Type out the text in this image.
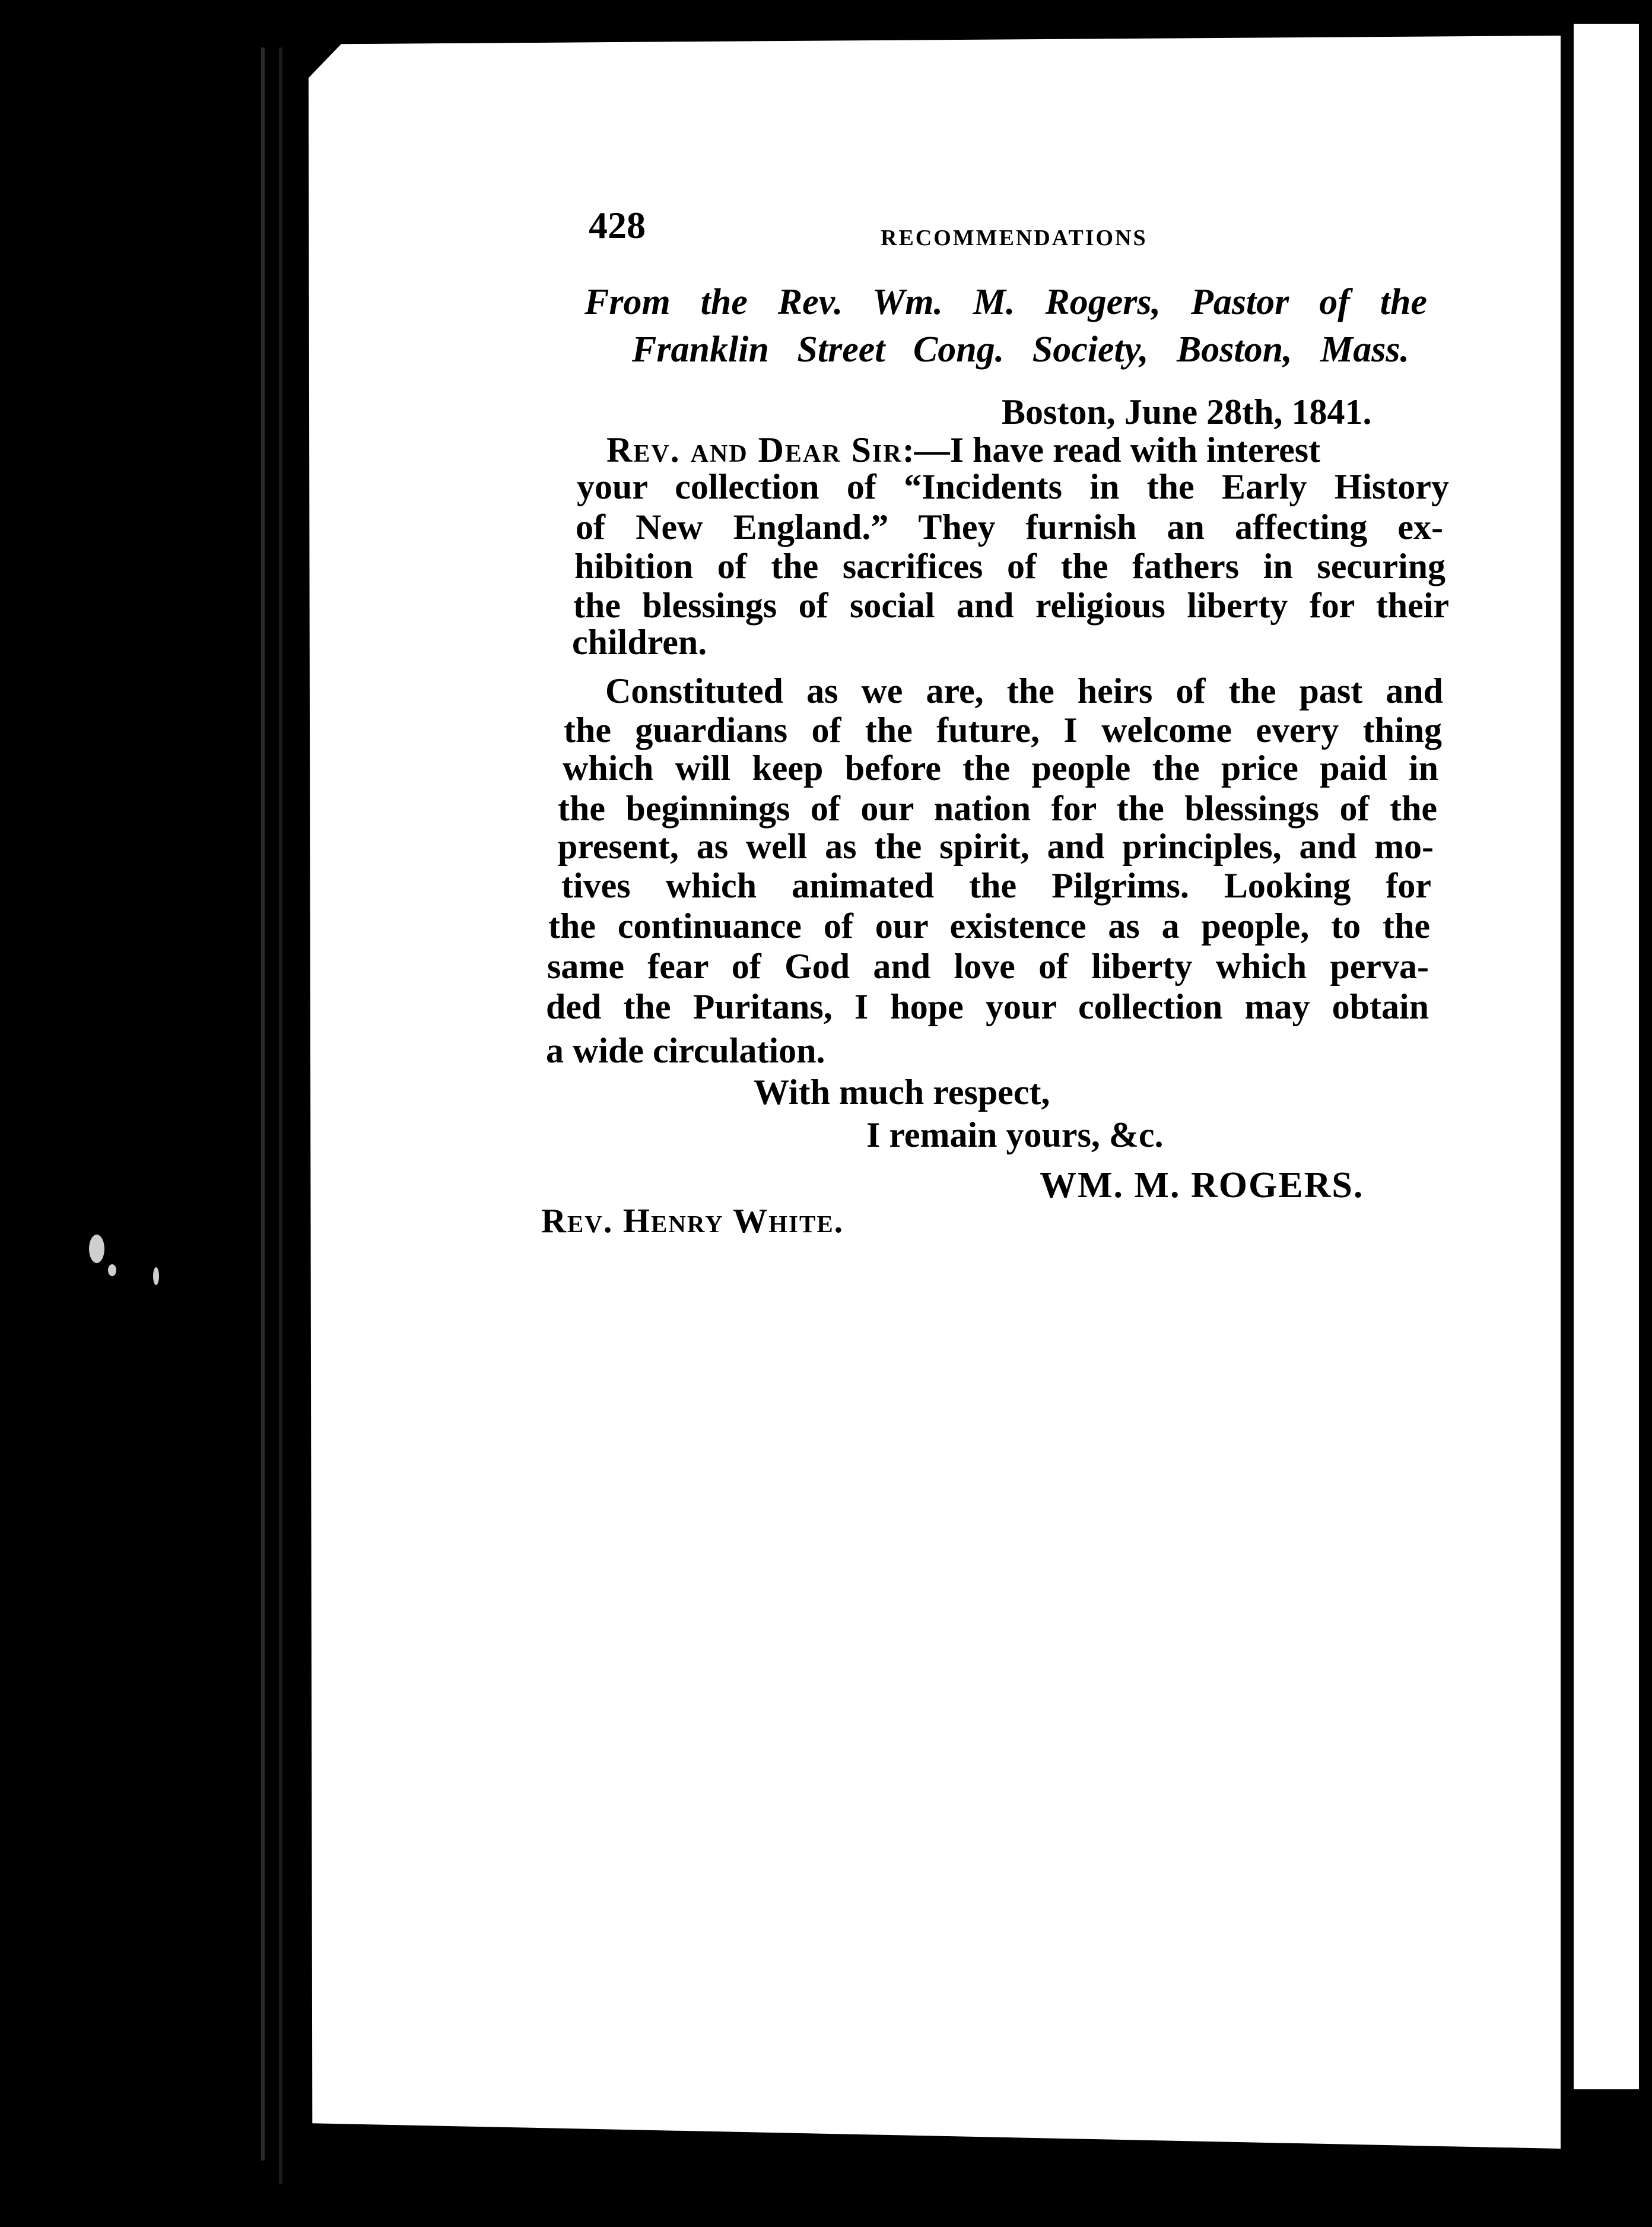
428	RECOMMENDATIONS

From the Rev. Wm. M. Rogers, Pastor of the

Franklin Street Cong. Society, Boston, Mass.

Boston, June 28th, 1841.

Rev. and Dear Sir:—I have read with interest

your collection of “Incidents in the Early History

of New England.” They furnish an affecting ex-

hibition of the sacrifices of the fathers in securing

the blessings of social and religious liberty for their

children.

Constituted as we are, the heirs of the past and

the guardians of the future, I welcome every thing

which will keep before the people the price paid in

the beginnings of our nation for the blessings of the

present, as well as the spirit, and principles, and mo-

tives which animated the Pilgrims. Looking for

the continuance of our existence as a people, to the

same fear of God and love of liberty which perva-

ded the Puritans, I hope your collection may obtain

a wide circulation.

With much respect,

I remain yours, &c.

WM. M. ROGERS.

Rev. Henry White.
